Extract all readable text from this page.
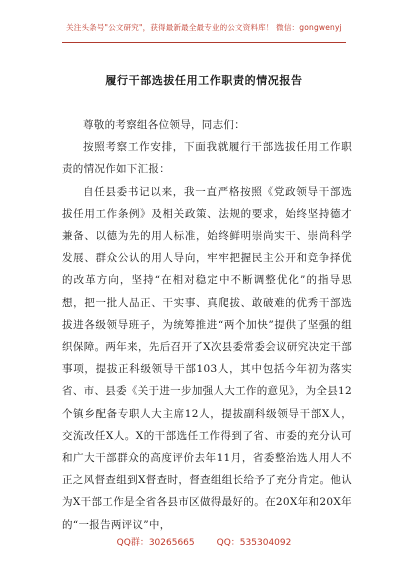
关注头条号"公文研究"，获得最新最全最专业的公文资料库！ 微信：gongwenyj
履行干部选拔任用工作职责的情况报告

尊敬的考察组各位领导，同志们：

按照考察工作安排，下面我就履行干部选拔任用工作职责的情况作如下汇报：

自任县委书记以来，我一直严格按照《党政领导干部选拔任用工作条例》及相关政策、法规的要求，始终坚持德才兼备、以德为先的用人标准，始终鲜明崇尚实干、崇尚科学发展、群众公认的用人导向，牢牢把握民主公开和竞争择优的改革方向，坚持“在相对稳定中不断调整优化”的指导思想，把一批人品正、干实事、真爬拔、敢破难的优秀干部选拔进各级领导班子，为统筹推进“两个加快”提供了坚强的组织保障。两年来，先后召开了X次县委常委会议研究决定干部事项，提拔正科级领导干部103人，其中包括今年初为落实省、市、县委《关于进一步加强人大工作的意见》，为全县12个镇乡配备专职人大主席12人，提拔副科级领导干部X人，交流改任X人。X的干部选任工作得到了省、市委的充分认可和广大干部群众的高度评价去年11月，省委整治选人用人不正之风督查组到X督查时，督查组组长给予了充分肯定。他认为X干部工作是全省各县市区做得最好的。在20X年和20X年的“一报告两评议”中，

QQ群：30265665 QQ：535304092
